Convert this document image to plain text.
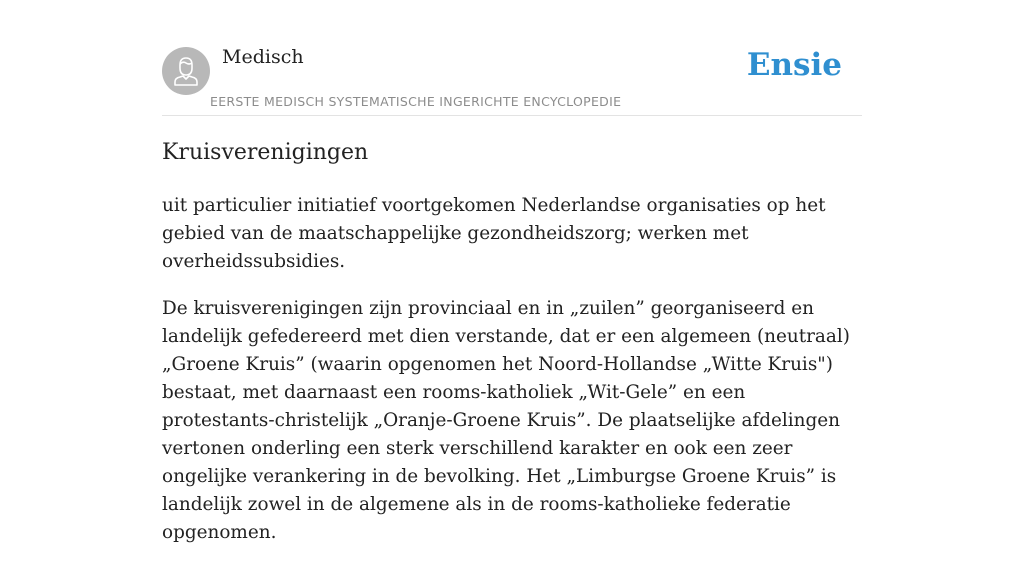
Medisch
EERSTE MEDISCH SYSTEMATISCHE INGERICHTE ENCYCLOPEDIE
Ensie
Kruisverenigingen

uit particulier initiatief voortgekomen Nederlandse organisaties op het gebied van de maatschappelijke gezondheidszorg; werken met overheidssubsidies.

De kruisverenigingen zijn provinciaal en in „zuilen” georganiseerd en landelijk gefedereerd met dien verstande, dat er een algemeen (neutraal) „Groene Kruis” (waarin opgenomen het Noord-Hollandse „Witte Kruis") bestaat, met daarnaast een rooms-katholiek „Wit-Gele” en een protestants-christelijk „Oranje-Groene Kruis”. De plaatselijke afdelingen vertonen onderling een sterk verschillend karakter en ook een zeer ongelijke verankering in de bevolking. Het „Limburgse Groene Kruis” is landelijk zowel in de algemene als in de rooms-katholieke federatie opgenomen.
